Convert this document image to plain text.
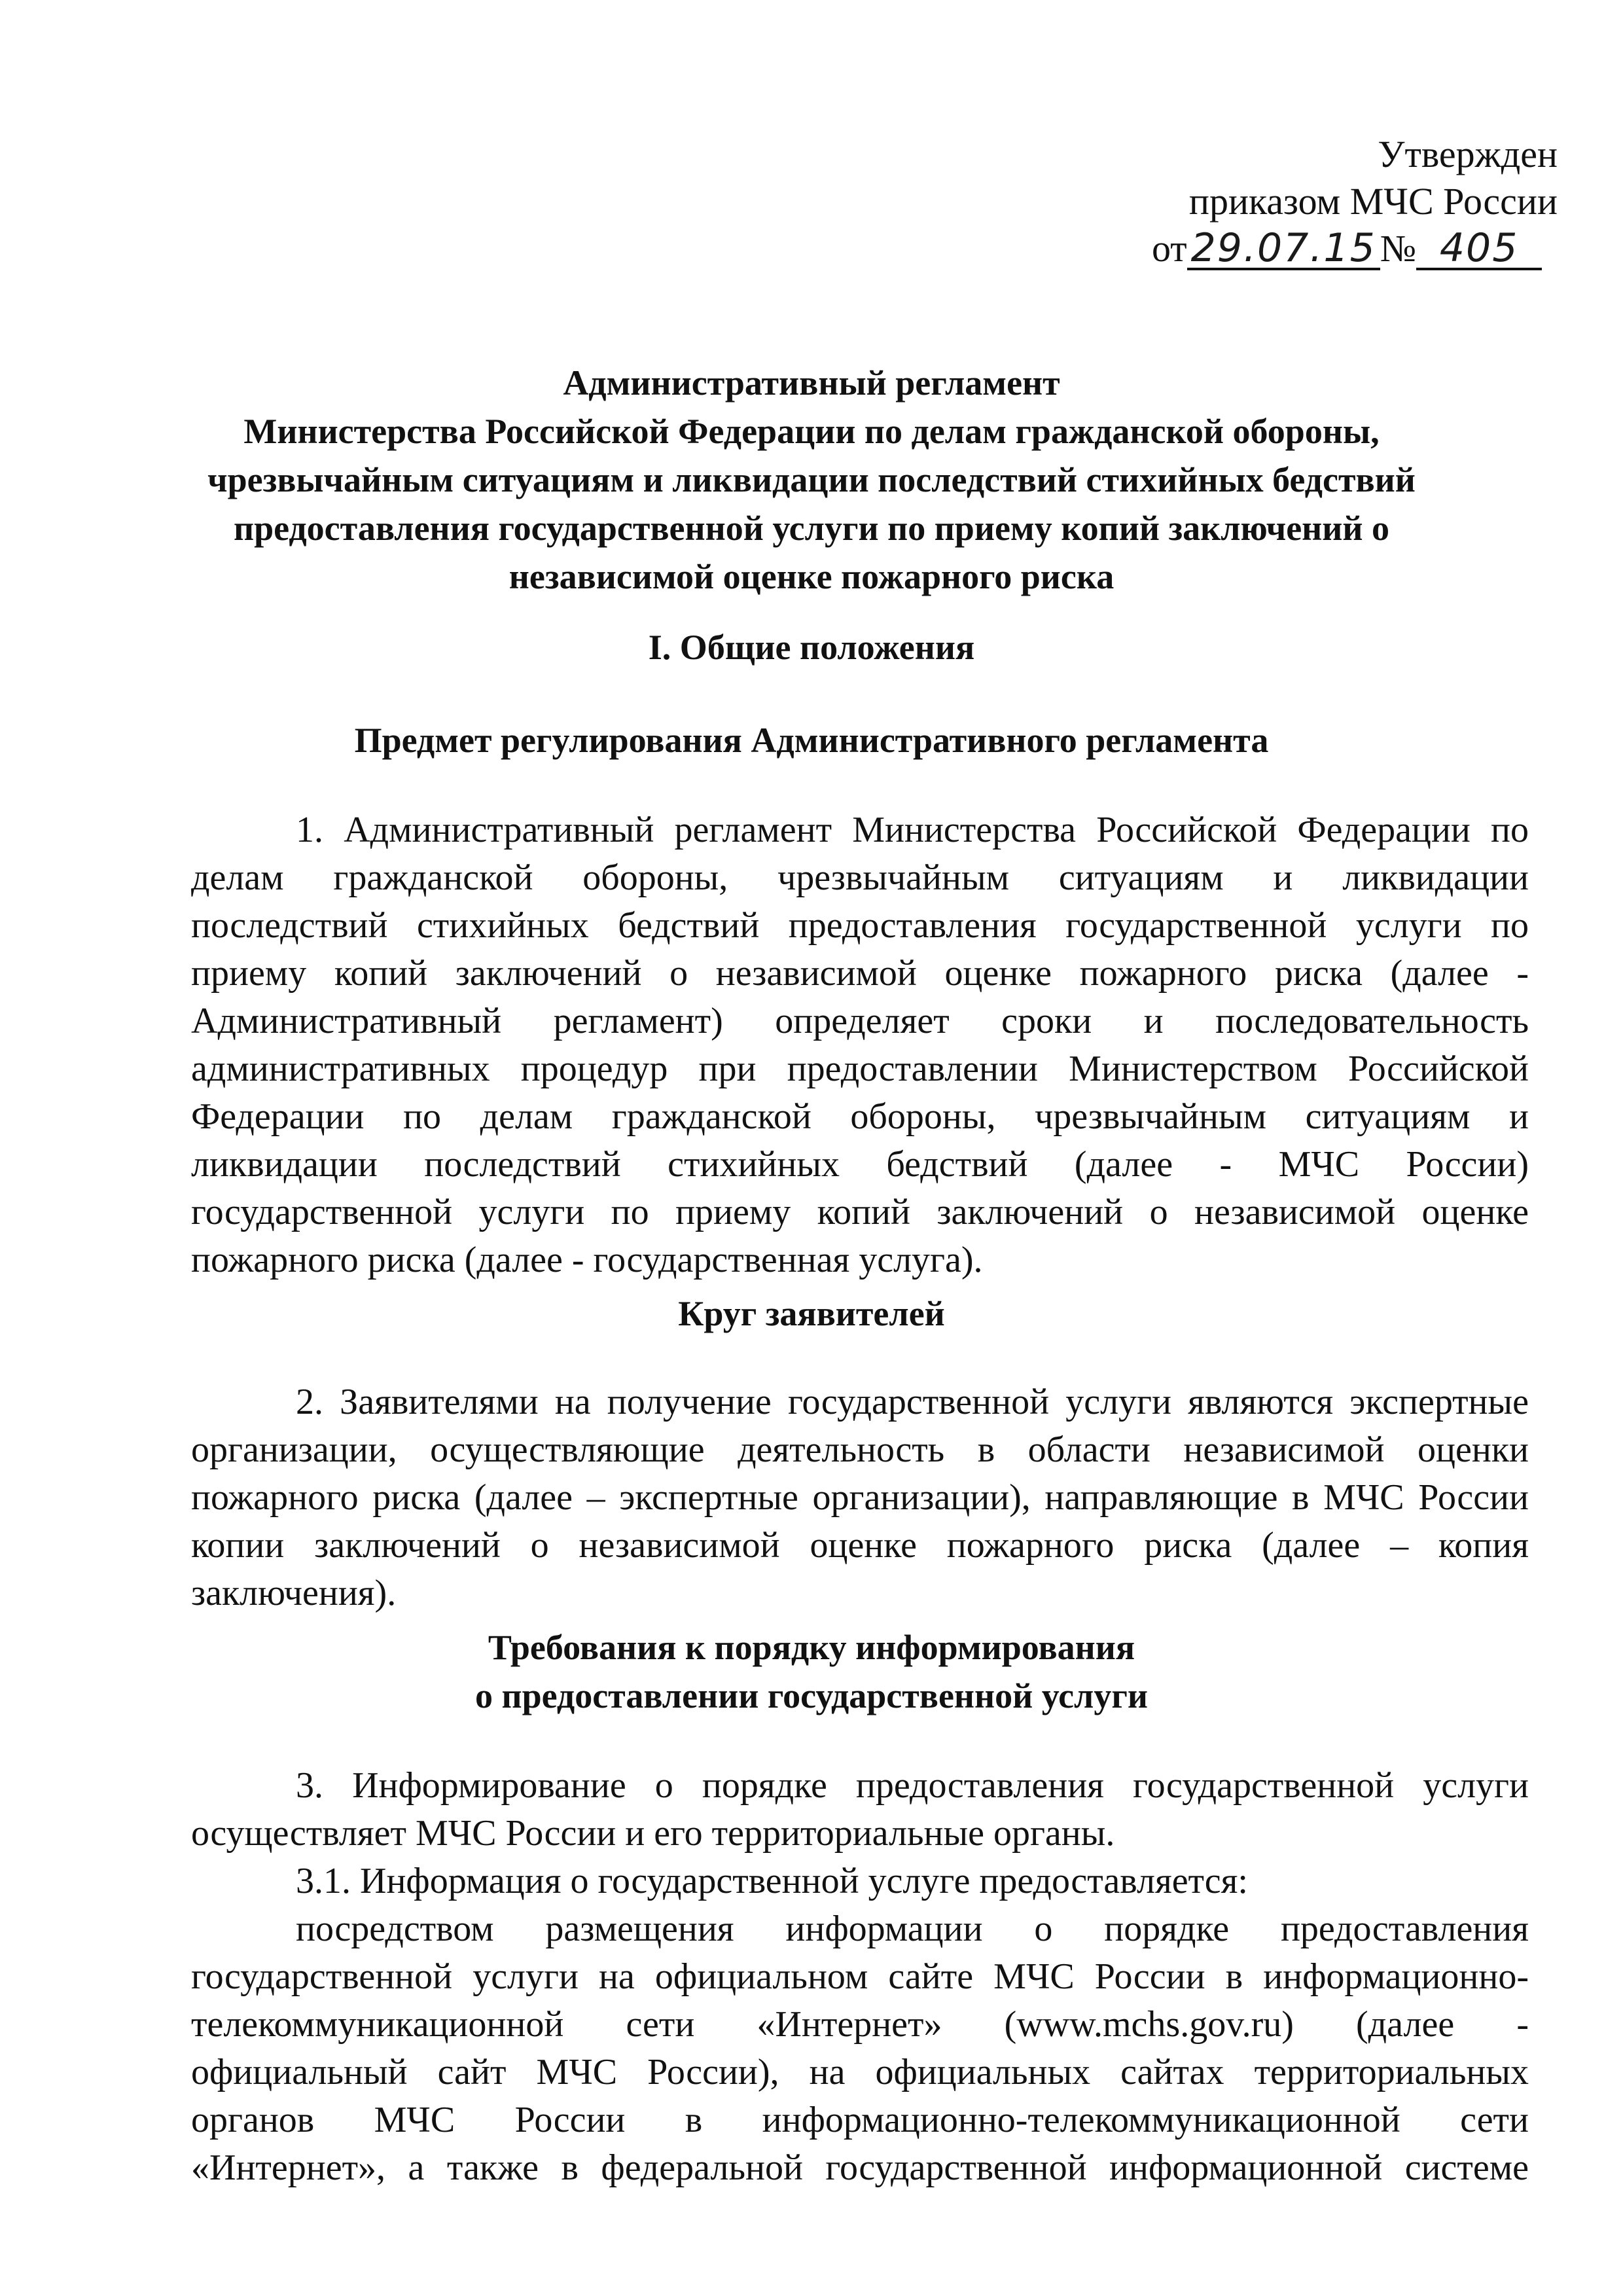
Утвержден
приказом МЧС России
от 29.07.15 № 405
Административный регламент
Министерства Российской Федерации по делам гражданской обороны,
чрезвычайным ситуациям и ликвидации последствий стихийных бедствий
предоставления государственной услуги по приему копий заключений о
независимой оценке пожарного риска
I. Общие положения
Предмет регулирования Административного регламента
1. Административный регламент Министерства Российской Федерации по
делам гражданской обороны, чрезвычайным ситуациям и ликвидации
последствий стихийных бедствий предоставления государственной услуги по
приему копий заключений о независимой оценке пожарного риска (далее -
Административный регламент) определяет сроки и последовательность
административных процедур при предоставлении Министерством Российской
Федерации по делам гражданской обороны, чрезвычайным ситуациям и
ликвидации последствий стихийных бедствий (далее - МЧС России)
государственной услуги по приему копий заключений о независимой оценке
пожарного риска (далее - государственная услуга).
Круг заявителей
2. Заявителями на получение государственной услуги являются экспертные
организации, осуществляющие деятельность в области независимой оценки
пожарного риска (далее – экспертные организации), направляющие в МЧС России
копии заключений о независимой оценке пожарного риска (далее – копия
заключения).
Требования к порядку информирования
о предоставлении государственной услуги
3. Информирование о порядке предоставления государственной услуги
осуществляет МЧС России и его территориальные органы.
3.1. Информация о государственной услуге предоставляется:
посредством размещения информации о порядке предоставления
государственной услуги на официальном сайте МЧС России в информационно-
телекоммуникационной сети «Интернет» (www.mchs.gov.ru) (далее -
официальный сайт МЧС России), на официальных сайтах территориальных
органов МЧС России в информационно-телекоммуникационной сети
«Интернет», а также в федеральной государственной информационной системе
